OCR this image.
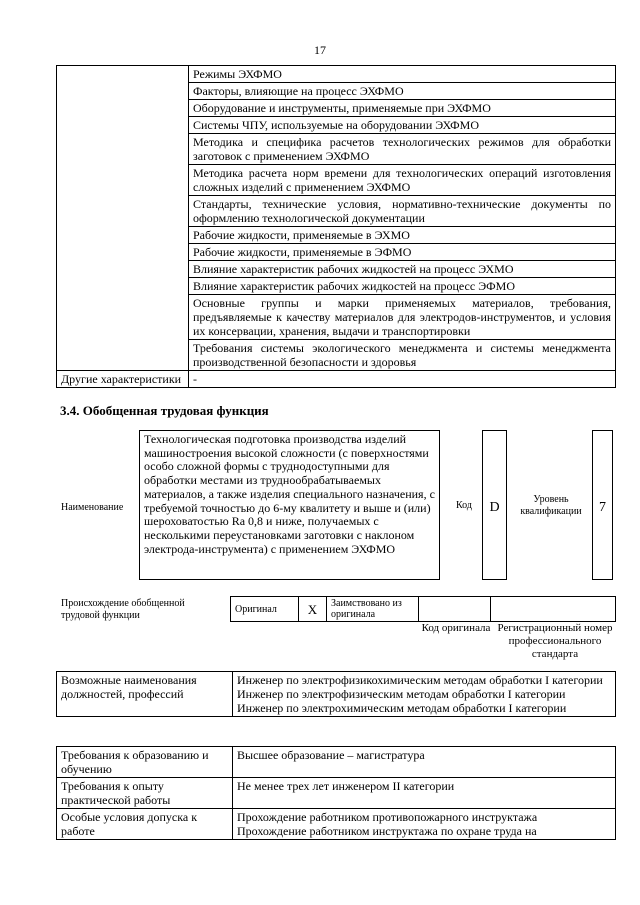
17
	Режимы ЭХФМО
	Факторы, влияющие на процесс ЭХФМО
	Оборудование и инструменты, применяемые при ЭХФМО
	Системы ЧПУ, используемые на оборудовании ЭХФМО
	Методика и специфика расчетов технологических режимов для обработки заготовок с применением ЭХФМО
	Методика расчета норм времени для технологических операций изготовления сложных изделий с применением ЭХФМО
	Стандарты, технические условия, нормативно-технические документы по оформлению технологической документации
	Рабочие жидкости, применяемые в ЭХМО
	Рабочие жидкости, применяемые в ЭФМО
	Влияние характеристик рабочих жидкостей на процесс ЭХМО
	Влияние характеристик рабочих жидкостей на процесс ЭФМО
	Основные группы и марки применяемых материалов, требования, предъявляемые к качеству материалов для электродов-инструментов, и условия их консервации, хранения, выдачи и транспортировки
	Требования системы экологического менеджмента и системы менеджмента производственной безопасности и здоровья
Другие характеристики	-
3.4. Обобщенная трудовая функция
Наименование
Технологическая подготовка производства изделий машиностроения высокой сложности (с поверхностями особо сложной формы с труднодоступными для обработки местами из труднообрабатываемых материалов, а также изделия специального назначения, с требуемой точностью до 6-му квалитету и выше и (или) шероховатостью Ra 0,8 и ниже, получаемых с несколькими переустановками заготовки с наклоном электрода-инструмента) с применением ЭХФМО
Код	D
Уровень квалификации	7
Происхождение обобщенной трудовой функции
Оригинал	X	Заимствовано из оригинала		
Код оригинала Регистрационный номер профессионального стандарта
Возможные наименования должностей, профессий	
Инженер по электрофизикохимическим методам обработки I категории
Инженер по электрофизическим методам обработки I категории
Инженер по электрохимическим методам обработки I категории
Требования к образованию и обучению	Высшее образование – магистратура
Требования к опыту практической работы	Не менее трех лет инженером II категории
Особые условия допуска к работе	Прохождение работником противопожарного инструктажа
Прохождение работником инструктажа по охране труда на
